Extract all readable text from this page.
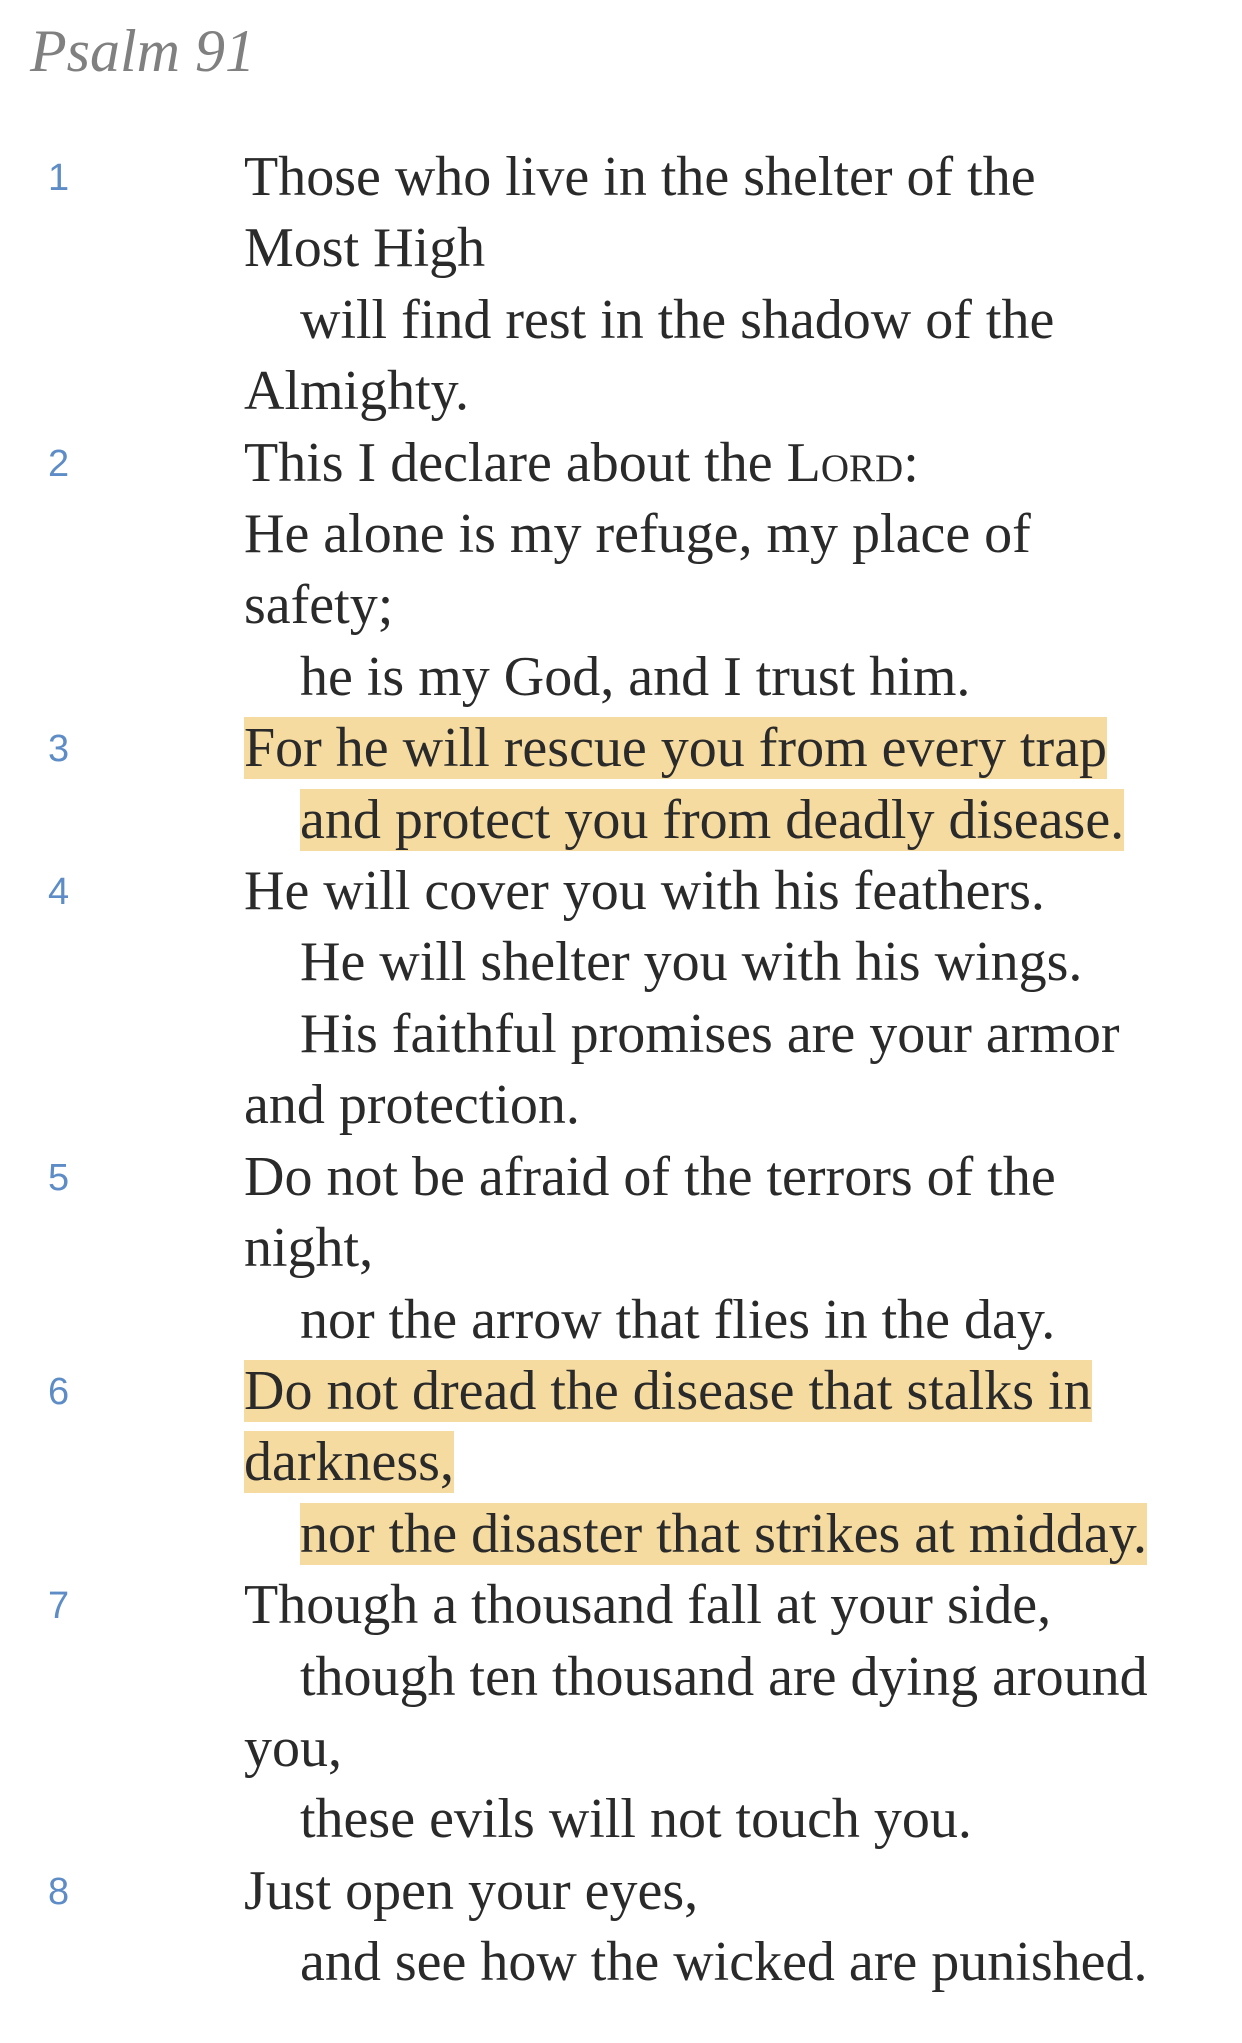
Psalm 91
1	Those who live in the shelter of the
Most High
will find rest in the shadow of the
Almighty.
2	This I declare about the Lord:
He alone is my refuge, my place of
safety;
he is my God, and I trust him.
3	For he will rescue you from every trap
and protect you from deadly disease.
4	He will cover you with his feathers.
He will shelter you with his wings.
His faithful promises are your armor
and protection.
5	Do not be afraid of the terrors of the
night,
nor the arrow that flies in the day.
6	Do not dread the disease that stalks in
darkness,
nor the disaster that strikes at midday.
7	Though a thousand fall at your side,
though ten thousand are dying around
you,
these evils will not touch you.
8	Just open your eyes,
and see how the wicked are punished.
